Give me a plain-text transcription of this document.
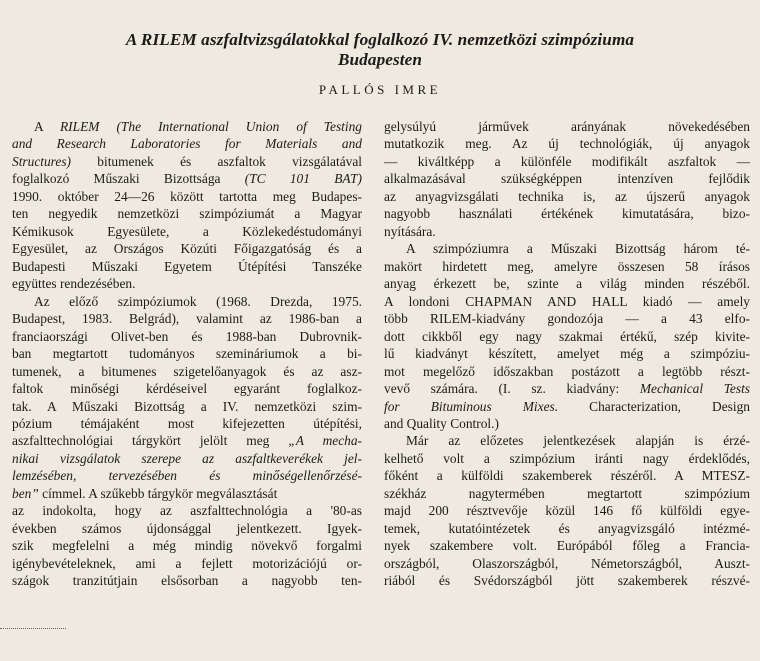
A RILEM aszfaltvizsgálatokkal foglalkozó IV. nemzetközi szimpóziuma
Budapesten
PALLÓS IMRE
A RILEM (The International Union of Testing
and Research Laboratories for Materials and
Structures) bitumenek és aszfaltok vizsgálatával
foglalkozó Műszaki Bizottsága (TC 101 BAT)
1990. október 24—26 között tartotta meg Budapes-
ten negyedik nemzetközi szimpóziumát a Magyar
Kémikusok Egyesülete, a Közlekedéstudományi
Egyesület, az Országos Közúti Főigazgatóság és a
Budapesti Műszaki Egyetem Útépítési Tanszéke
együttes rendezésében.
Az előző szimpóziumok (1968. Drezda, 1975.
Budapest, 1983. Belgrád), valamint az 1986-ban a
franciaországi Olivet-ben és 1988-ban Dubrovnik-
ban megtartott tudományos szemináriumok a bi-
tumenek, a bitumenes szigetelőanyagok és az asz-
faltok minőségi kérdéseivel egyaránt foglalkoz-
tak. A Műszaki Bizottság a IV. nemzetközi szim-
pózium témájaként most kifejezetten útépítési,
aszfalttechnológiai tárgykört jelölt meg „A mecha-
nikai vizsgálatok szerepe az aszfaltkeverékek jel-
lemzésében, tervezésében és minőségellenőrzésé-
ben” címmel. A szűkebb tárgykör megválasztását
az indokolta, hogy az aszfalttechnológia a '80-as
években számos újdonsággal jelentkezett. Igyek-
szik megfelelni a még mindig növekvő forgalmi
igénybevételeknek, ami a fejlett motorizációjú or-
szágok tranzitútjain elsősorban a nagyobb ten-
gelysúlyú járművek arányának növekedésében
mutatkozik meg. Az új technológiák, új anyagok
— kiváltképp a különféle modifikált aszfaltok —
alkalmazásával szükségképpen intenzíven fejlődik
az anyagvizsgálati technika is, az újszerű anyagok
nagyobb használati értékének kimutatására, bizo-
nyítására.
A szimpóziumra a Műszaki Bizottság három té-
makört hirdetett meg, amelyre összesen 58 írásos
anyag érkezett be, szinte a világ minden részéből.
A londoni CHAPMAN AND HALL kiadó — amely
több RILEM-kiadvány gondozója — a 43 elfo-
dott cikkből egy nagy szakmai értékű, szép kivite-
lű kiadványt készített, amelyet még a szimpóziu-
mot megelőző időszakban postázott a legtöbb részt-
vevő számára. (I. sz. kiadvány: Mechanical Tests
for Bituminous Mixes. Characterization, Design
and Quality Control.)
Már az előzetes jelentkezések alapján is érzé-
kelhető volt a szimpózium iránti nagy érdeklődés,
főként a külföldi szakemberek részéről. A MTESZ-
székház nagytermében megtartott szimpózium
majd 200 résztvevője közül 146 fő külföldi egye-
temek, kutatóintézetek és anyagvizsgáló intézmé-
nyek szakembere volt. Európából főleg a Francia-
országból, Olaszországból, Németországból, Auszt-
riából és Svédországból jött szakemberek részvé-
